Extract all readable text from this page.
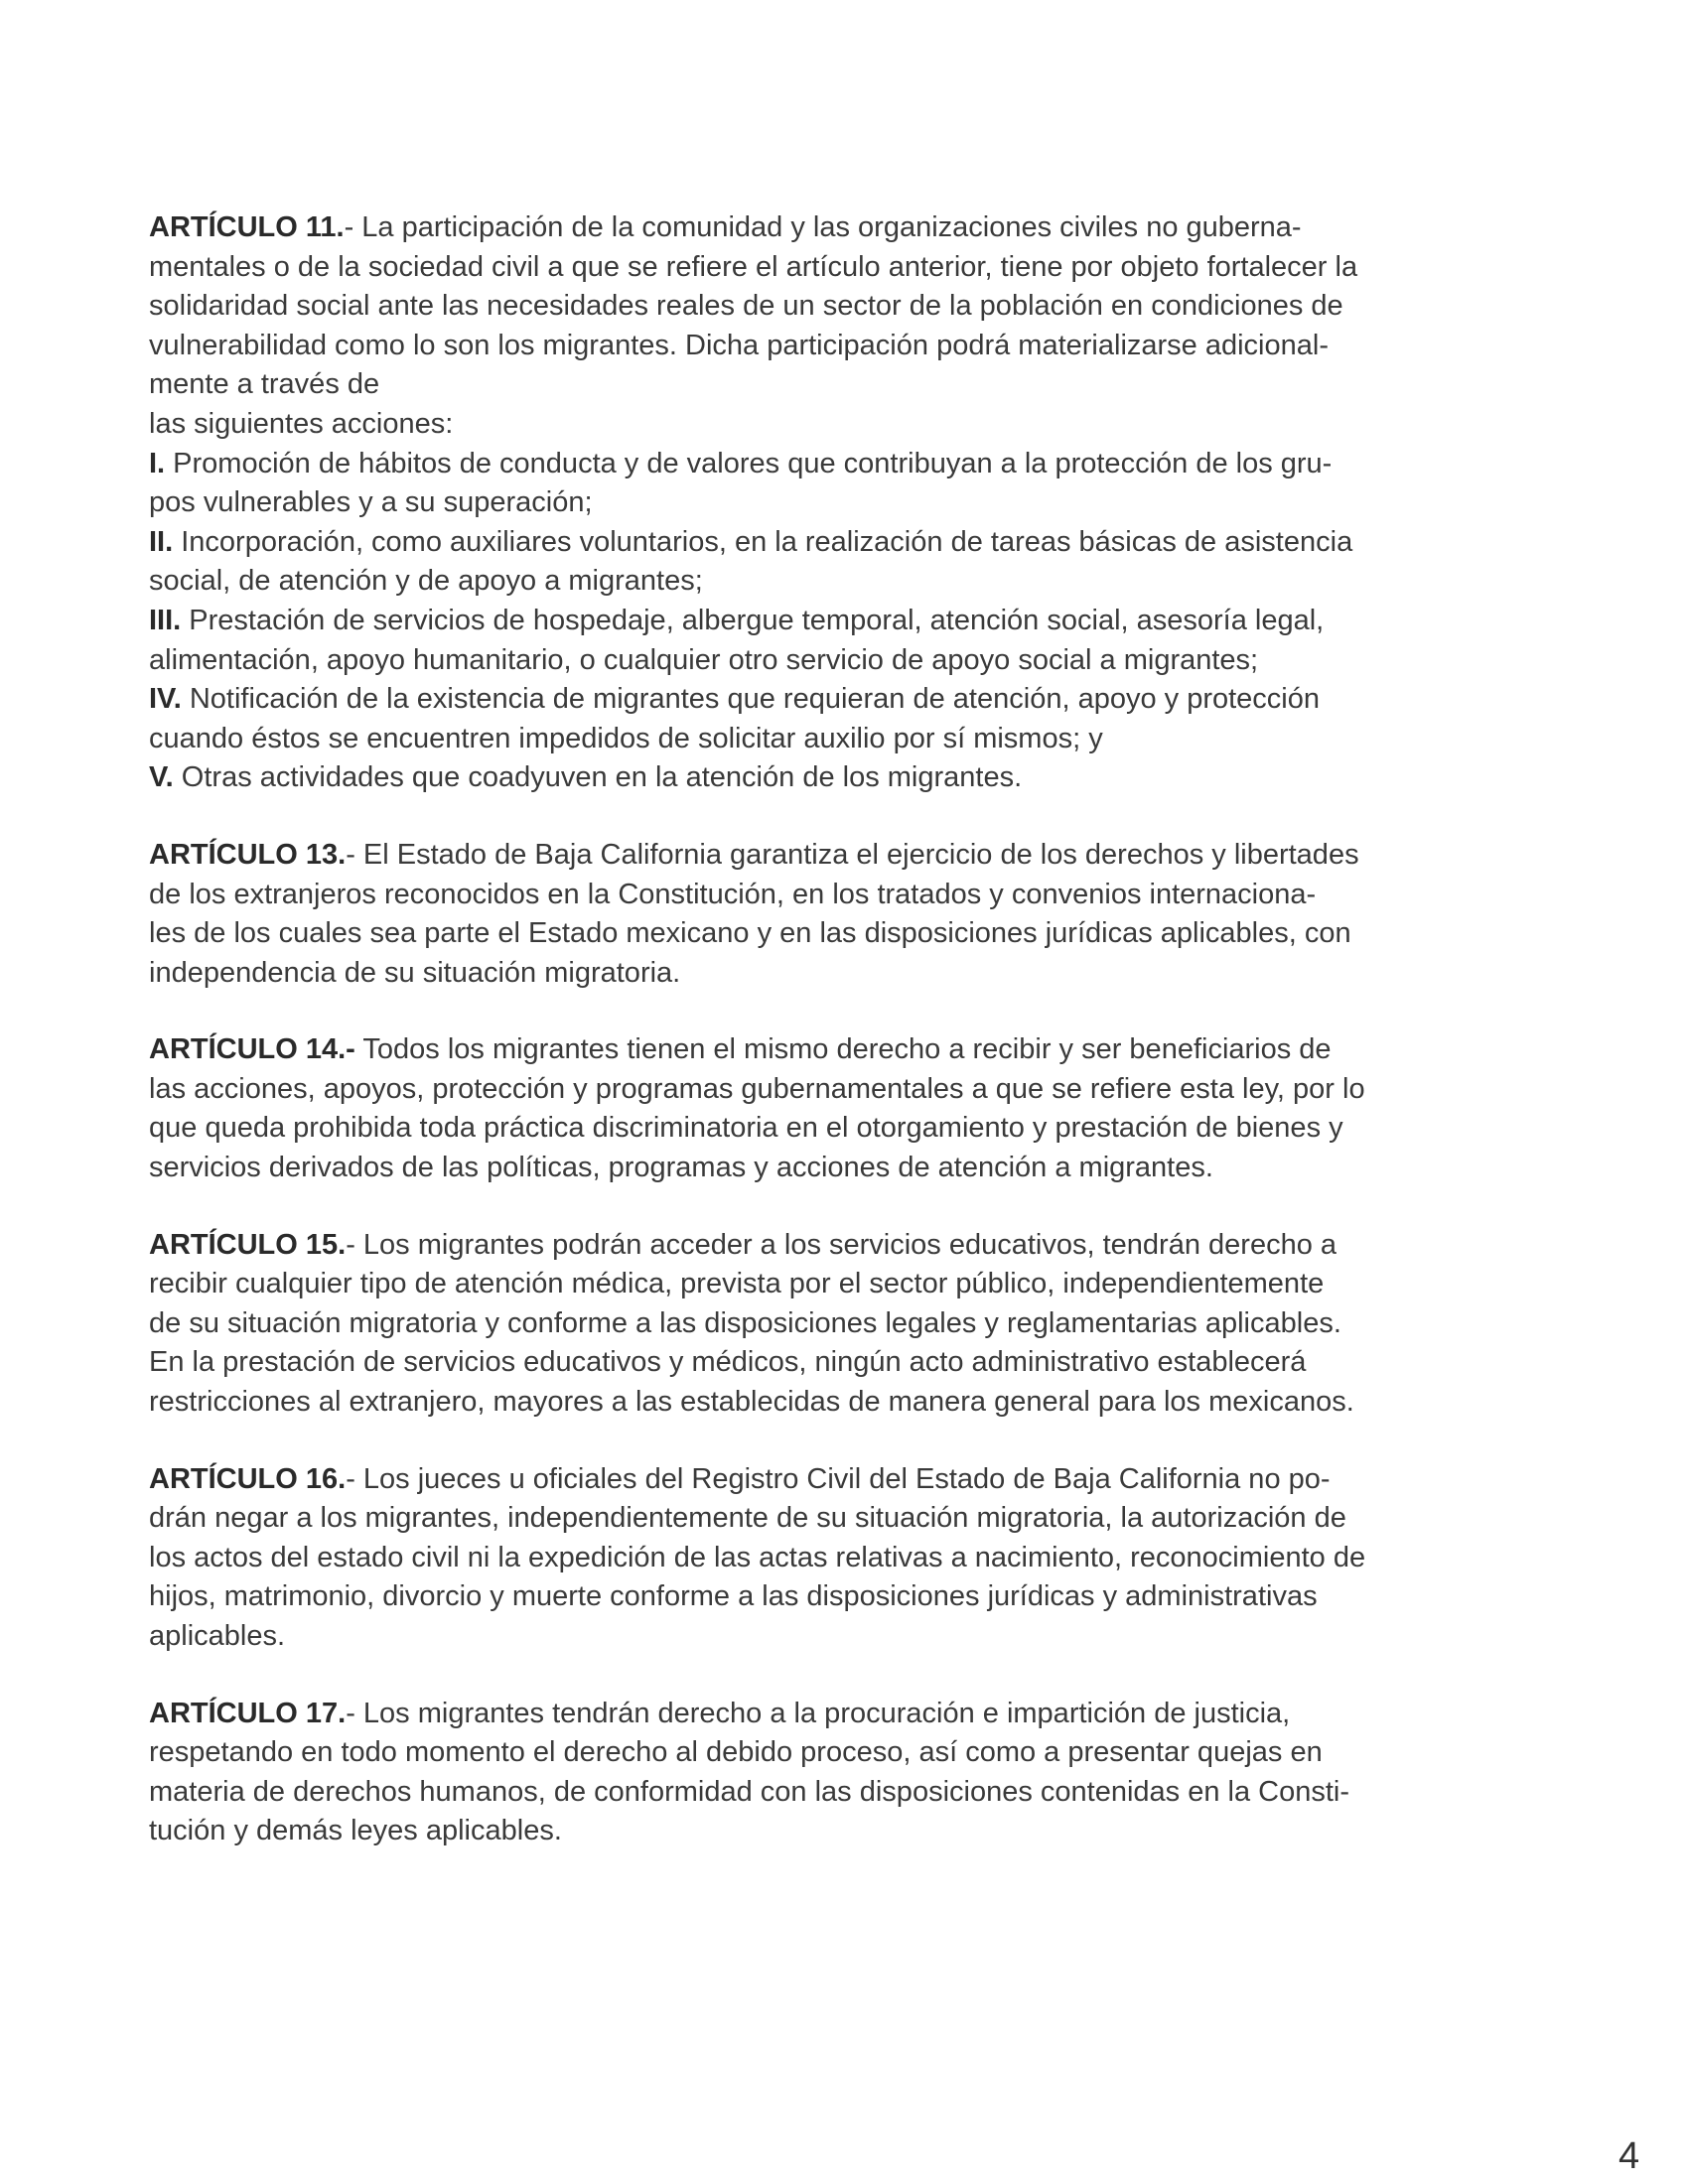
ARTÍCULO 11.- La participación de la comunidad y las organizaciones civiles no guberna-
mentales o de la sociedad civil a que se refiere el artículo anterior, tiene por objeto fortalecer la
solidaridad social ante las necesidades reales de un sector de la población en condiciones de
vulnerabilidad como lo son los migrantes. Dicha participación podrá materializarse adicional-
mente a través de
las siguientes acciones:
I. Promoción de hábitos de conducta y de valores que contribuyan a la protección de los gru-
pos vulnerables y a su superación;
II. Incorporación, como auxiliares voluntarios, en la realización de tareas básicas de asistencia
social, de atención y de apoyo a migrantes;
III. Prestación de servicios de hospedaje, albergue temporal, atención social, asesoría legal,
alimentación, apoyo humanitario, o cualquier otro servicio de apoyo social a migrantes;
IV. Notificación de la existencia de migrantes que requieran de atención, apoyo y protección
cuando éstos se encuentren impedidos de solicitar auxilio por sí mismos; y
V. Otras actividades que coadyuven en la atención de los migrantes.
ARTÍCULO 13.- El Estado de Baja California garantiza el ejercicio de los derechos y libertades
de los extranjeros reconocidos en la Constitución, en los tratados y convenios internaciona-
les de los cuales sea parte el Estado mexicano y en las disposiciones jurídicas aplicables, con
independencia de su situación migratoria.
ARTÍCULO 14.- Todos los migrantes tienen el mismo derecho a recibir y ser beneficiarios de
las acciones, apoyos, protección y programas gubernamentales a que se refiere esta ley, por lo
que queda prohibida toda práctica discriminatoria en el otorgamiento y prestación de bienes y
servicios derivados de las políticas, programas y acciones de atención a migrantes.
ARTÍCULO 15.- Los migrantes podrán acceder a los servicios educativos, tendrán derecho a
recibir cualquier tipo de atención médica, prevista por el sector público, independientemente
de su situación migratoria y conforme a las disposiciones legales y reglamentarias aplicables.
En la prestación de servicios educativos y médicos, ningún acto administrativo establecerá
restricciones al extranjero, mayores a las establecidas de manera general para los mexicanos.
ARTÍCULO 16.- Los jueces u oficiales del Registro Civil del Estado de Baja California no po-
drán negar a los migrantes, independientemente de su situación migratoria, la autorización de
los actos del estado civil ni la expedición de las actas relativas a nacimiento, reconocimiento de
hijos, matrimonio, divorcio y muerte conforme a las disposiciones jurídicas y administrativas
aplicables.
ARTÍCULO 17.- Los migrantes tendrán derecho a la procuración e impartición de justicia,
respetando en todo momento el derecho al debido proceso, así como a presentar quejas en
materia de derechos humanos, de conformidad con las disposiciones contenidas en la Consti-
tución y demás leyes aplicables.
4
